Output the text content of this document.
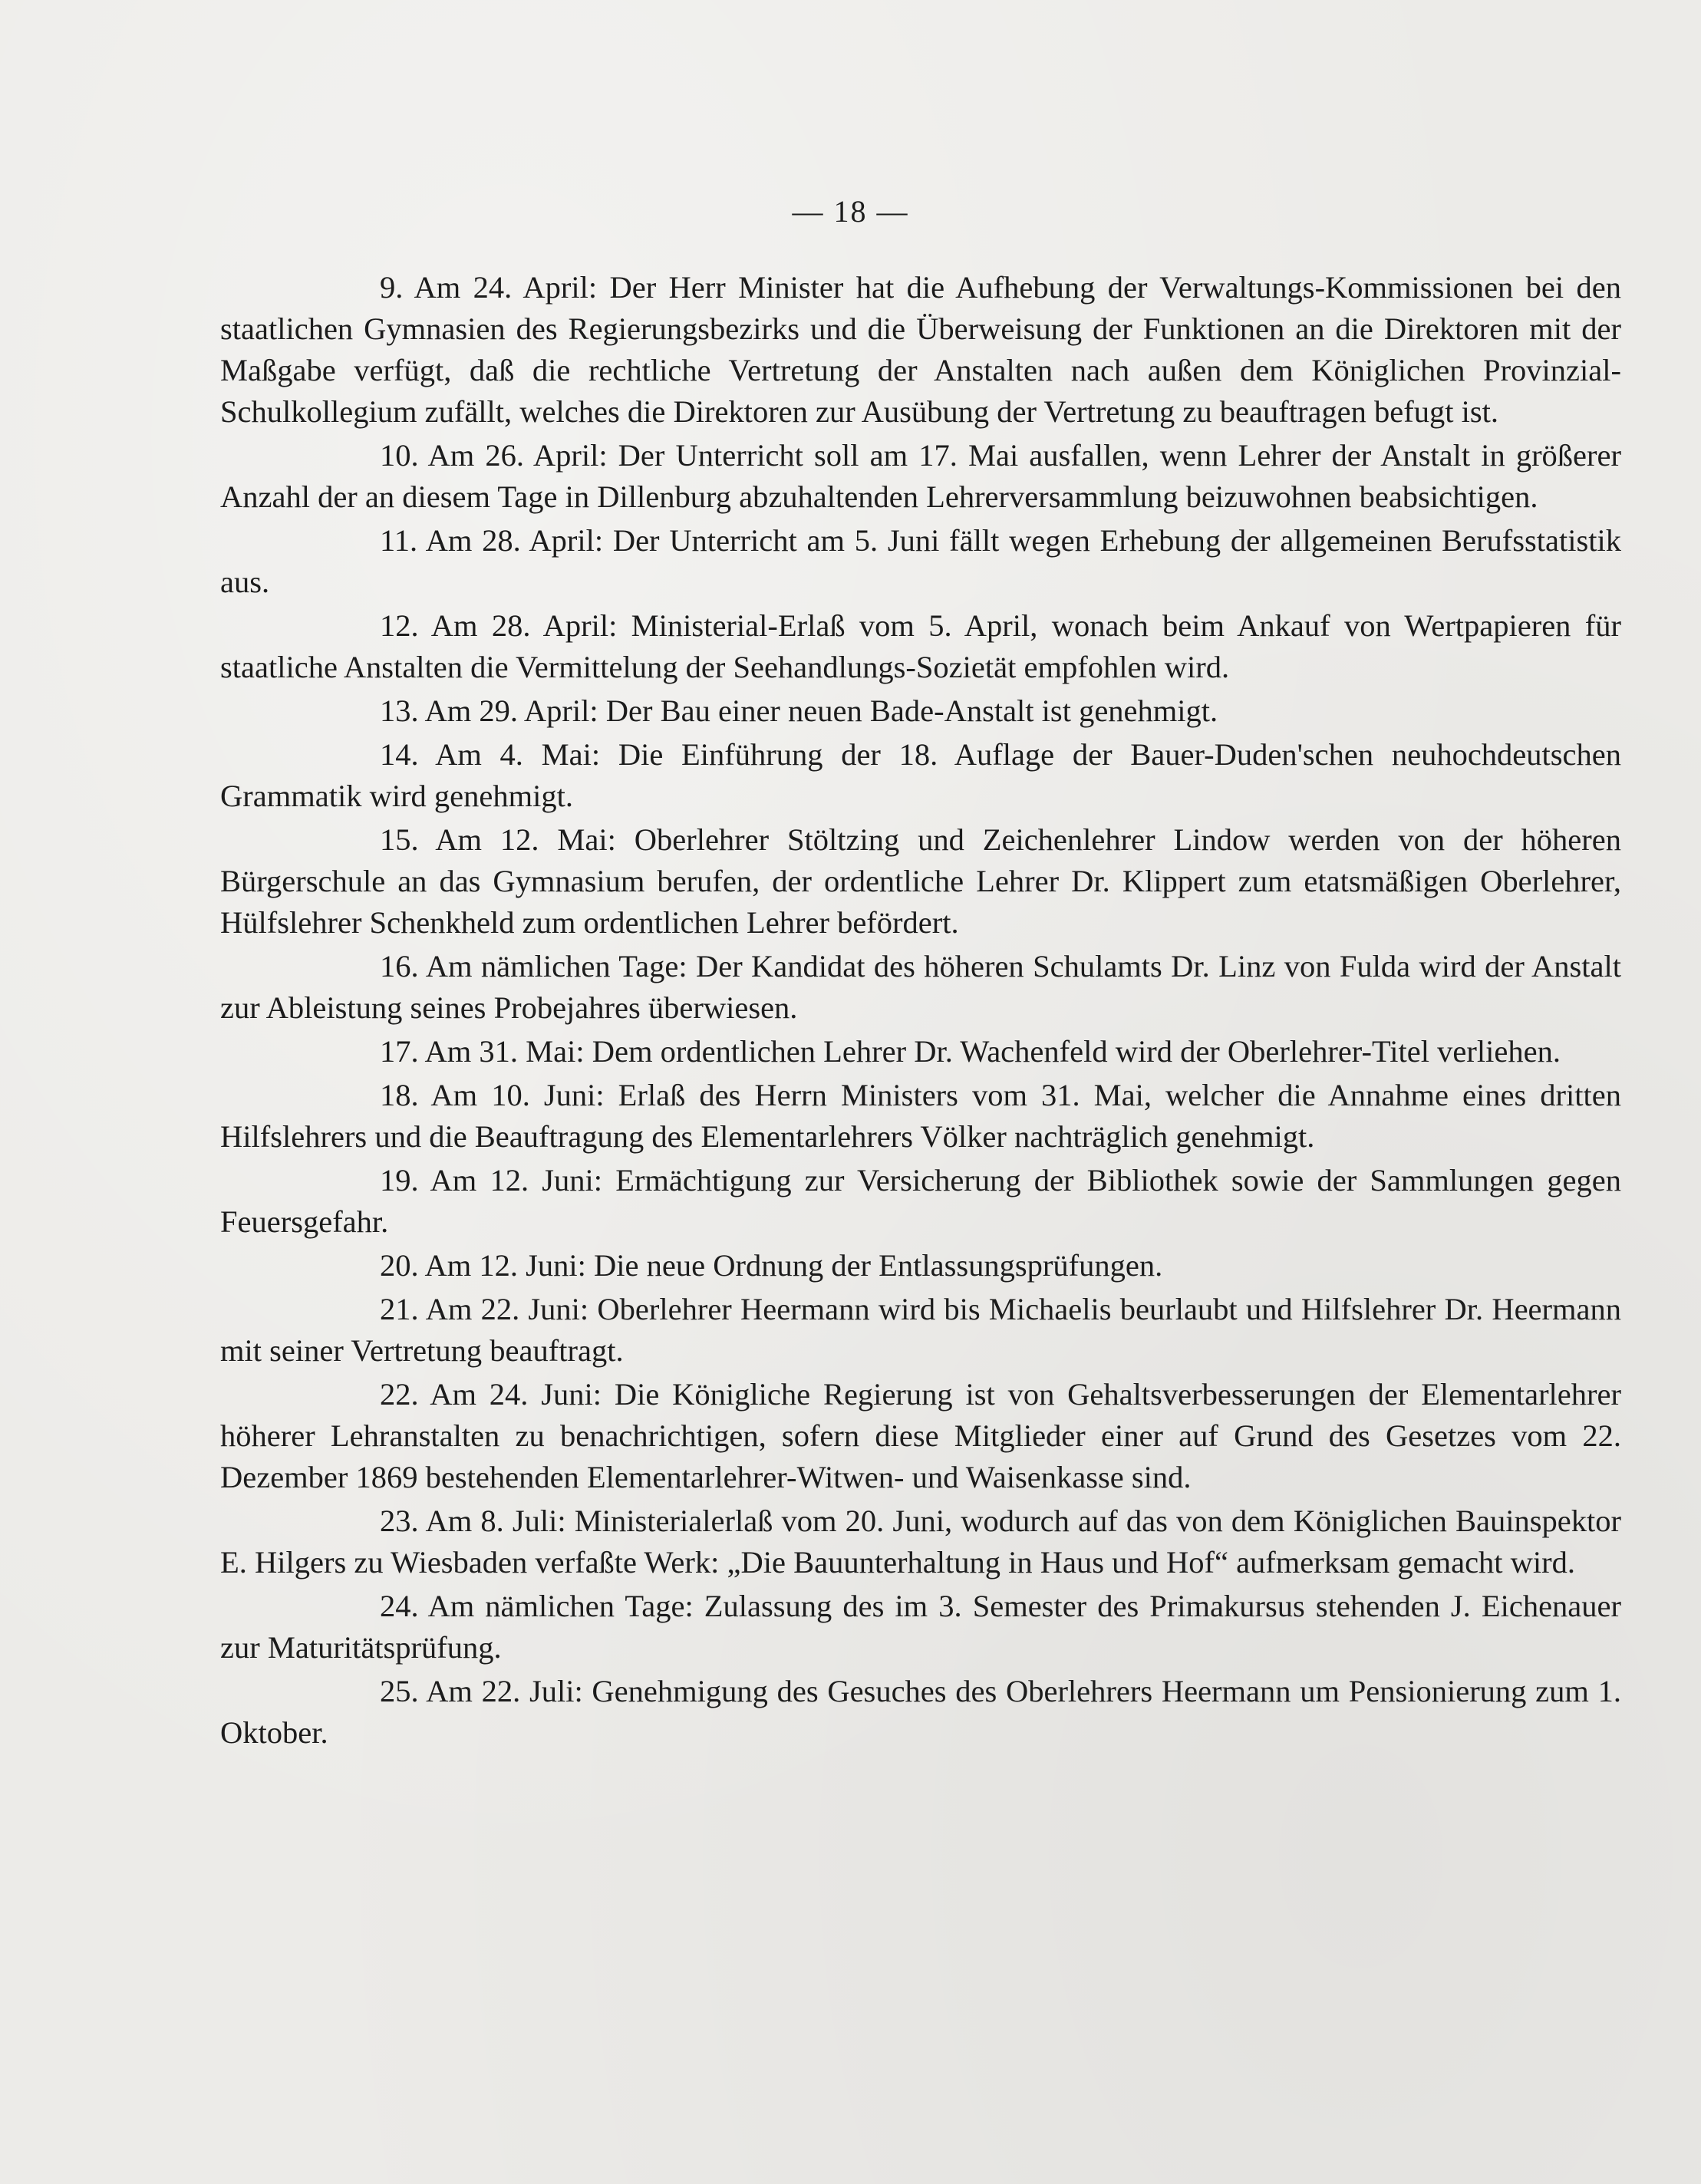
— 18 —

9. Am 24. April: Der Herr Minister hat die Aufhebung der Verwaltungs-Kommissionen bei den staatlichen Gymnasien des Regierungsbezirks und die Überweisung der Funktionen an die Direktoren mit der Maßgabe verfügt, daß die rechtliche Vertretung der Anstalten nach außen dem Königlichen Provinzial-Schulkollegium zufällt, welches die Direktoren zur Ausübung der Vertretung zu beauftragen befugt ist.

10. Am 26. April: Der Unterricht soll am 17. Mai ausfallen, wenn Lehrer der Anstalt in größerer Anzahl der an diesem Tage in Dillenburg abzuhaltenden Lehrerversammlung beizuwohnen beabsichtigen.

11. Am 28. April: Der Unterricht am 5. Juni fällt wegen Erhebung der allgemeinen Berufsstatistik aus.

12. Am 28. April: Ministerial-Erlaß vom 5. April, wonach beim Ankauf von Wertpapieren für staatliche Anstalten die Vermittelung der Seehandlungs-Sozietät empfohlen wird.

13. Am 29. April: Der Bau einer neuen Bade-Anstalt ist genehmigt.

14. Am 4. Mai: Die Einführung der 18. Auflage der Bauer-Duden'schen neuhochdeutschen Grammatik wird genehmigt.

15. Am 12. Mai: Oberlehrer Stöltzing und Zeichenlehrer Lindow werden von der höheren Bürgerschule an das Gymnasium berufen, der ordentliche Lehrer Dr. Klippert zum etatsmäßigen Oberlehrer, Hülfslehrer Schenkheld zum ordentlichen Lehrer befördert.

16. Am nämlichen Tage: Der Kandidat des höheren Schulamts Dr. Linz von Fulda wird der Anstalt zur Ableistung seines Probejahres überwiesen.

17. Am 31. Mai: Dem ordentlichen Lehrer Dr. Wachenfeld wird der Oberlehrer-Titel verliehen.

18. Am 10. Juni: Erlaß des Herrn Ministers vom 31. Mai, welcher die Annahme eines dritten Hilfslehrers und die Beauftragung des Elementarlehrers Völker nachträglich genehmigt.

19. Am 12. Juni: Ermächtigung zur Versicherung der Bibliothek sowie der Sammlungen gegen Feuersgefahr.

20. Am 12. Juni: Die neue Ordnung der Entlassungsprüfungen.

21. Am 22. Juni: Oberlehrer Heermann wird bis Michaelis beurlaubt und Hilfslehrer Dr. Heermann mit seiner Vertretung beauftragt.

22. Am 24. Juni: Die Königliche Regierung ist von Gehaltsverbesserungen der Elementarlehrer höherer Lehranstalten zu benachrichtigen, sofern diese Mitglieder einer auf Grund des Gesetzes vom 22. Dezember 1869 bestehenden Elementarlehrer-Witwen- und Waisenkasse sind.

23. Am 8. Juli: Ministerialerlaß vom 20. Juni, wodurch auf das von dem Königlichen Bauinspektor E. Hilgers zu Wiesbaden verfaßte Werk: „Die Bauunterhaltung in Haus und Hof“ aufmerksam gemacht wird.

24. Am nämlichen Tage: Zulassung des im 3. Semester des Primakursus stehenden J. Eichenauer zur Maturitätsprüfung.

25. Am 22. Juli: Genehmigung des Gesuches des Oberlehrers Heermann um Pensionierung zum 1. Oktober.
